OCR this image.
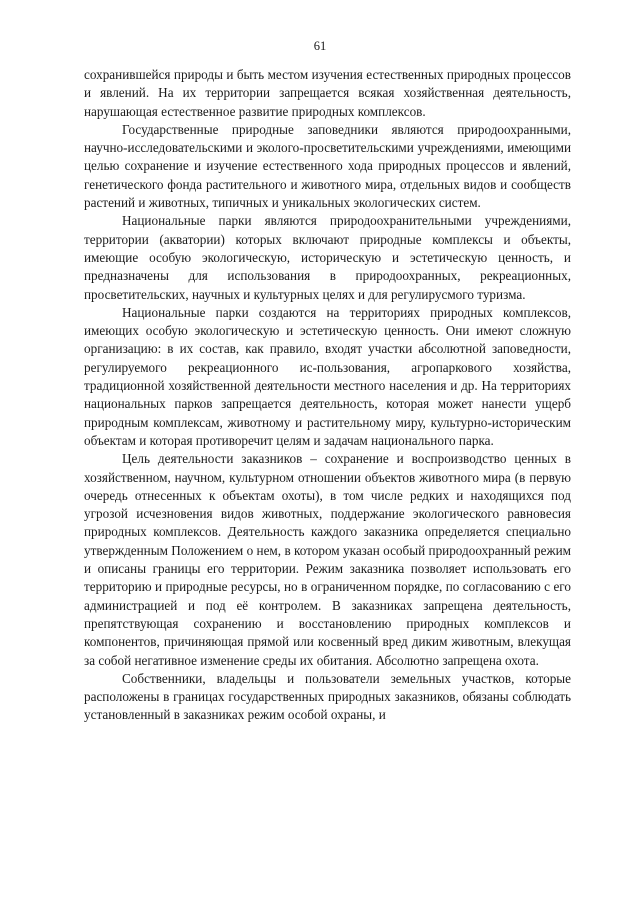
61

сохранившейся природы и быть местом изучения естественных природных процессов и явлений. На их территории запрещается всякая хозяйственная деятельность, нарушающая естественное развитие природных комплексов.

Государственные природные заповедники являются природоохранными, научно-исследовательскими и эколого-просветительскими учреждениями, имеющими целью сохранение и изучение естественного хода природных процессов и явлений, генетического фонда растительного и животного мира, отдельных видов и сообществ растений и животных, типичных и уникальных экологических систем.

Национальные парки являются природоохранительными учреждениями, территории (акватории) которых включают природные комплексы и объекты, имеющие особую экологическую, историческую и эстетическую ценность, и предназначены для использования в природоохранных, рекреационных, просветительских, научных и культурных целях и для регулирусмого туризма.

Национальные парки создаются на территориях природных комплексов, имеющих особую экологическую и эстетическую ценность. Они имеют сложную организацию: в их состав, как правило, входят участки абсолютной заповедности, регулируемого рекреационного ис-пользования, агропаркового хозяйства, традиционной хозяйственной деятельности местного населения и др. На территориях национальных парков запрещается деятельность, которая может нанести ущерб природным комплексам, животному и растительному миру, культурно-историческим объектам и которая противоречит целям и задачам национального парка.

Цель деятельности заказников – сохранение и воспроизводство ценных в хозяйственном, научном, культурном отношении объектов животного мира (в первую очередь отнесенных к объектам охоты), в том числе редких и находящихся под угрозой исчезновения видов животных, поддержание экологического равновесия природных комплексов. Деятельность каждого заказника определяется специально утвержденным Положением о нем, в котором указан особый природоохранный режим и описаны границы его территории. Режим заказника позволяет использовать его территорию и природные ресурсы, но в ограниченном порядке, по согласованию с его администрацией и под её контролем. В заказниках запрещена деятельность, препятствующая сохранению и восстановлению природных комплексов и компонентов, причиняющая прямой или косвенный вред диким животным, влекущая за собой негативное изменение среды их обитания. Абсолютно запрещена охота.

Собственники, владельцы и пользователи земельных участков, которые расположены в границах государственных природных заказников, обязаны соблюдать установленный в заказниках режим особой охраны, и
